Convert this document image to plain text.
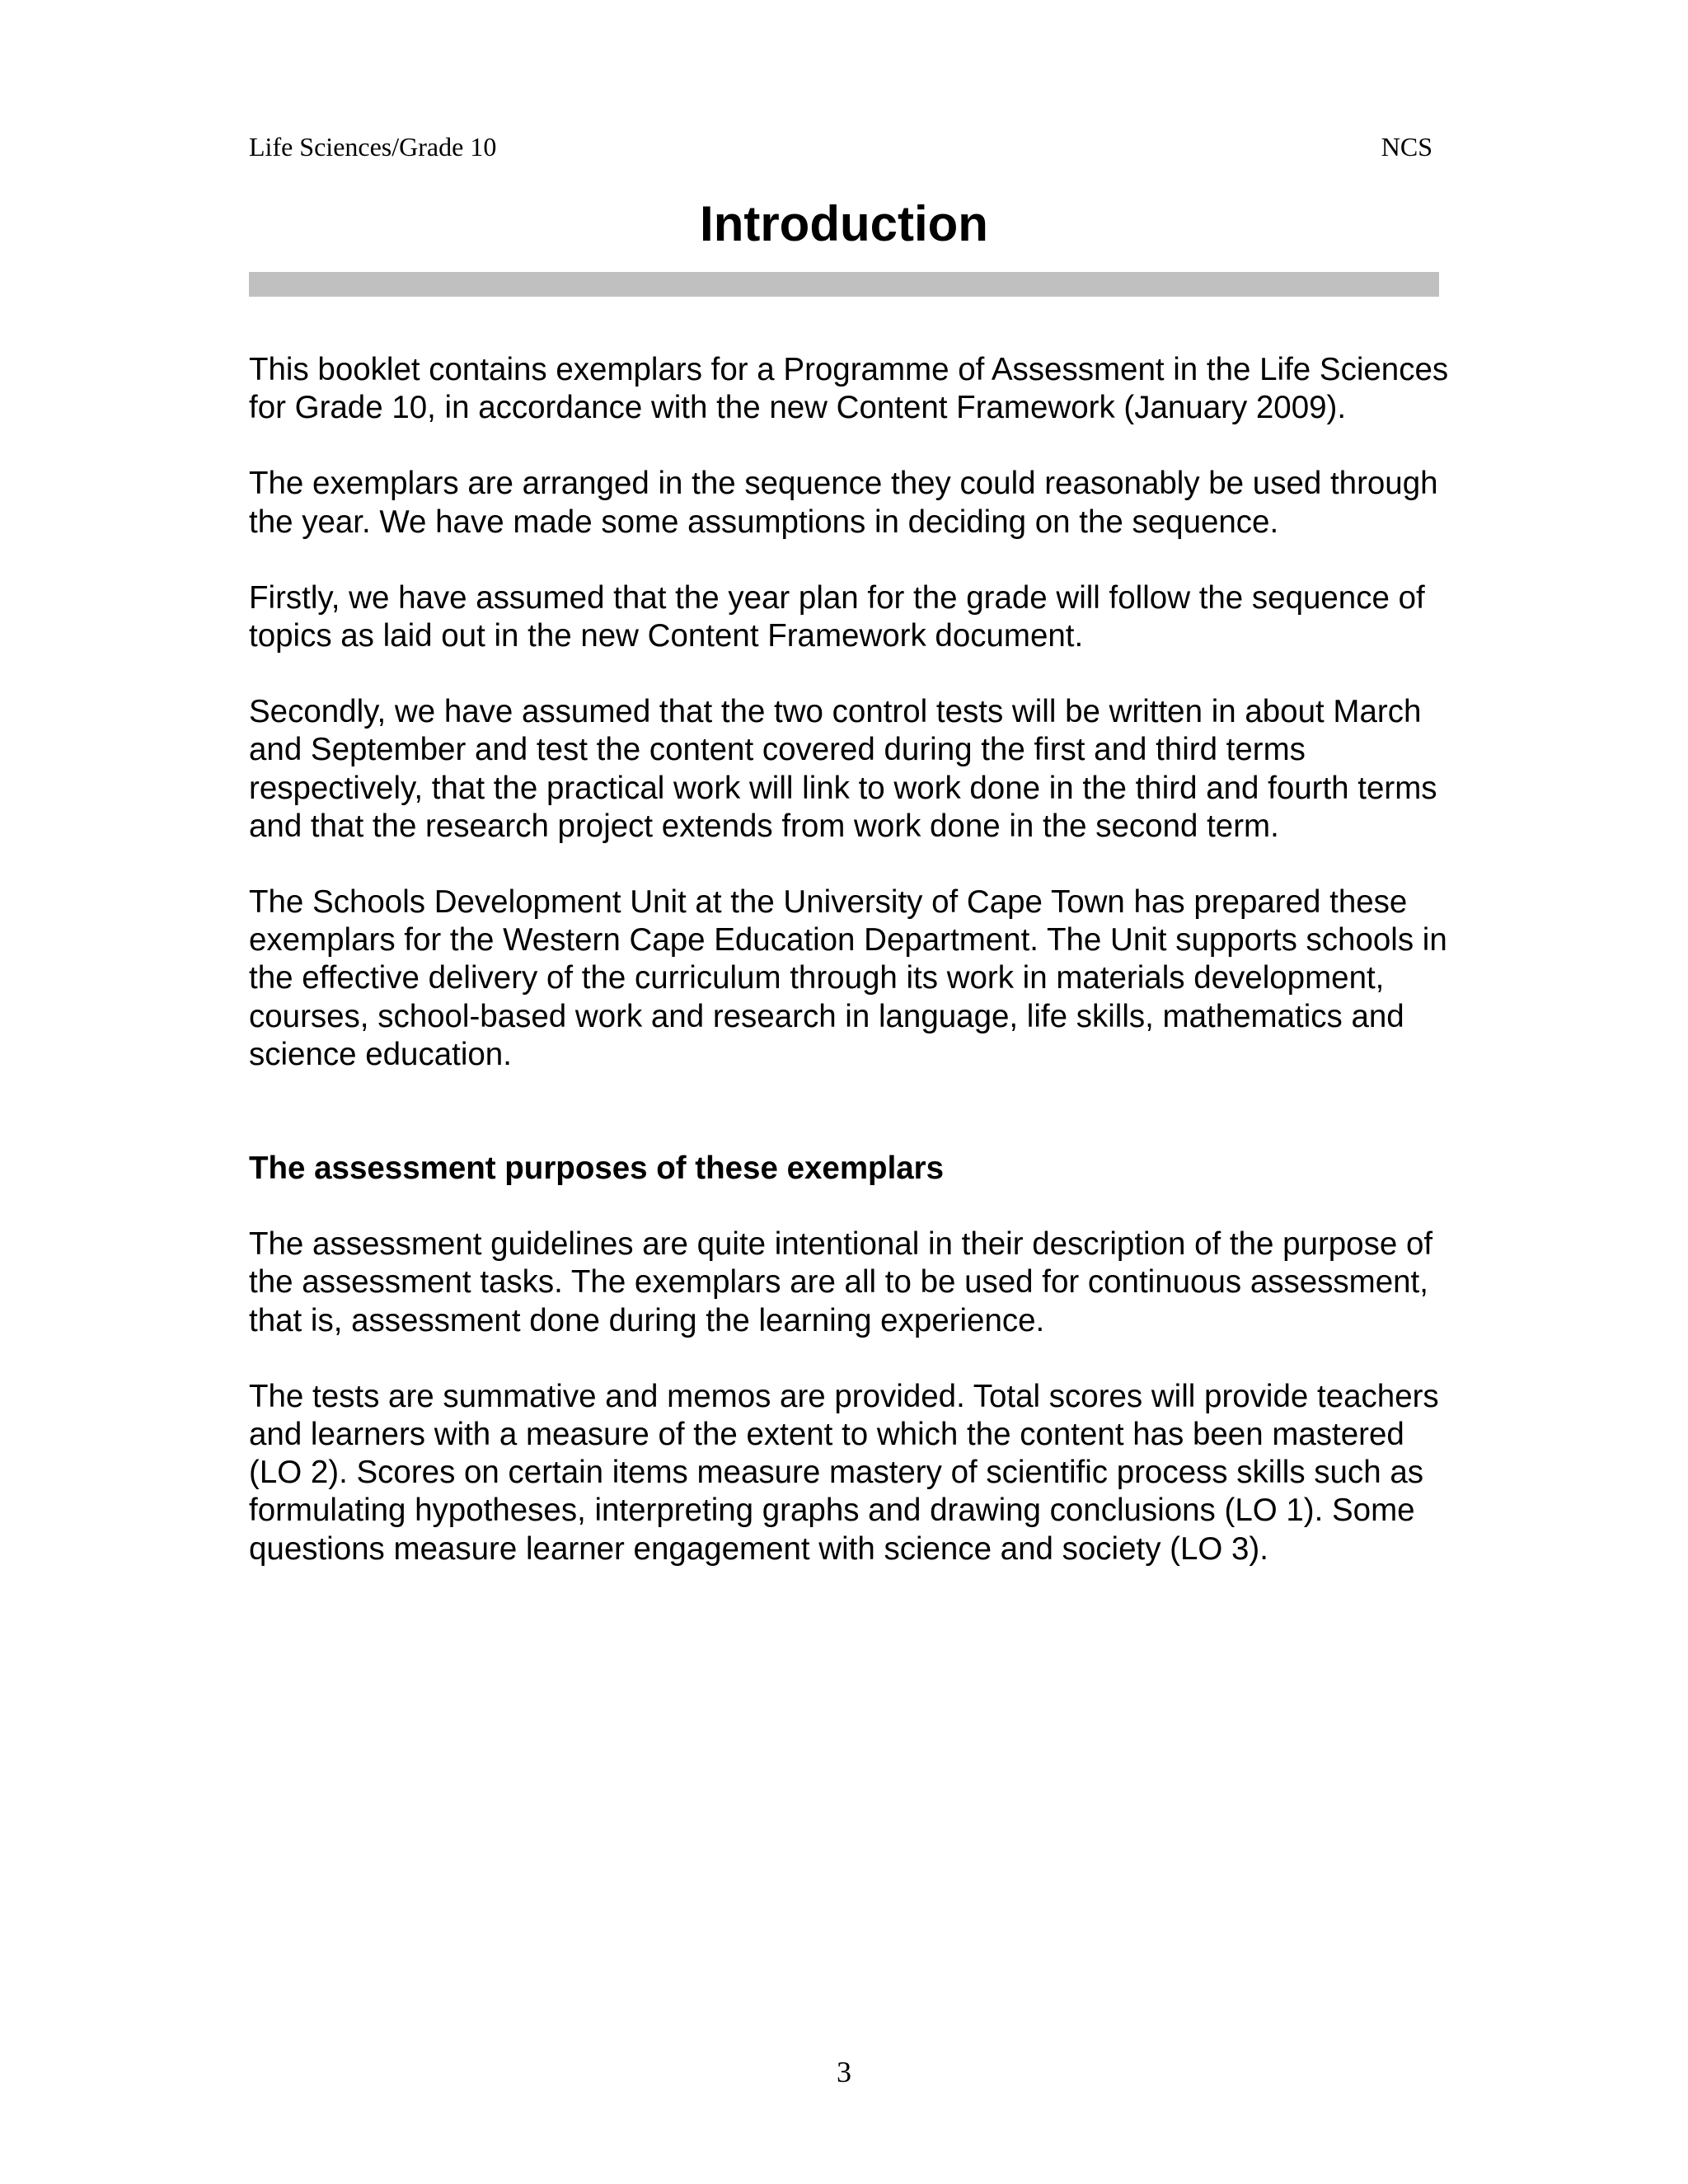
Life Sciences/Grade 10	NCS
Introduction

This booklet contains exemplars for a Programme of Assessment in the Life Sciences for Grade 10, in accordance with the new Content Framework (January 2009).

The exemplars are arranged in the sequence they could reasonably be used through the year. We have made some assumptions in deciding on the sequence.

Firstly, we have assumed that the year plan for the grade will follow the sequence of topics as laid out in the new Content Framework document.

Secondly, we have assumed that the two control tests will be written in about March and September and test the content covered during the first and third terms respectively, that the practical work will link to work done in the third and fourth terms and that the research project extends from work done in the second term.

The Schools Development Unit at the University of Cape Town has prepared these exemplars for the Western Cape Education Department. The Unit supports schools in the effective delivery of the curriculum through its work in materials development, courses, school-based work and research in language, life skills, mathematics and science education.

The assessment purposes of these exemplars

The assessment guidelines are quite intentional in their description of the purpose of the assessment tasks. The exemplars are all to be used for continuous assessment, that is, assessment done during the learning experience.

The tests are summative and memos are provided. Total scores will provide teachers and learners with a measure of the extent to which the content has been mastered (LO 2). Scores on certain items measure mastery of scientific process skills such as formulating hypotheses, interpreting graphs and drawing conclusions (LO 1). Some questions measure learner engagement with science and society (LO 3).

3
